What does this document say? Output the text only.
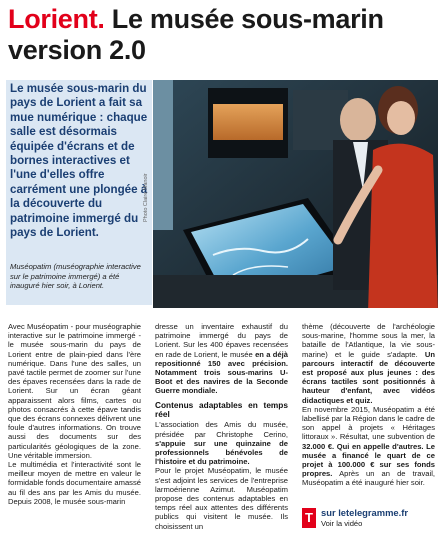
Lorient. Le musée sous-marin version 2.0

Le musée sous-marin du pays de Lorient a fait sa mue numérique : chaque salle est désormais équipée d'écrans et de bornes interactives et l'une d'elles offre carrément une plongée à la découverte du patrimoine immergé du pays de Lorient.

Photo Claire Manoir

Muséopatim (muséographie interactive sur le patrimoine immergé) a été inauguré hier soir, à Lorient.

Avec Muséopatim - pour muséographie interactive sur le patrimoine immergé - le musée sous-marin du pays de Lorient entre de plain-pied dans l'ère numérique. Dans l'une des salles, un pavé tactile permet de zoomer sur l'une des épaves recensées dans la rade de Lorient. Sur un écran géant apparaissent alors films, cartes ou photos consacrés à cette épave tandis que des écrans connexes délivrent une foule d'autres informations. On trouve aussi des documents sur des particularités géologiques de la zone. Une véritable immersion.

Le multimédia et l'interactivité sont le meilleur moyen de mettre en valeur le formidable fonds documentaire amassé au fil des ans par les Amis du musée. Depuis 2008, le musée sous-marin

dresse un inventaire exhaustif du patrimoine immergé du pays de Lorient. Sur les 400 épaves recensées en rade de Lorient, le musée en a déjà repositionné 150 avec précision. Notamment trois sous-marins U-Boot et des navires de la Seconde Guerre mondiale.

Contenus adaptables en temps réel

L'association des Amis du musée, présidée par Christophe Cerino, s'appuie sur une quinzaine de professionnels bénévoles de l'histoire et du patrimoine.

Pour le projet Muséopatim, le musée s'est adjoint les services de l'entreprise larmoérienne Azimut. Muséopatim propose des contenus adaptables en temps réel aux attentes des différents publics qui visitent le musée. Ils choisissent un

thème (découverte de l'archéologie sous-marine, l'homme sous la mer, la bataille de l'Atlantique, la vie sous-marine) et le guide s'adapte. Un parcours interactif de découverte est proposé aux plus jeunes : des écrans tactiles sont positionnés à hauteur d'enfant, avec vidéos didactiques et quiz.

En novembre 2015, Muséopatim a été labellisé par la Région dans le cadre de son appel à projets « Héritages littoraux ». Résultat, une subvention de 32.000 €. Qui en appelle d'autres. Le musée a financé le quart de ce projet à 100.000 € sur ses fonds propres. Après un an de travail, Muséopatim a été inauguré hier soir.

T sur letelegramme.fr
Voir la vidéo
